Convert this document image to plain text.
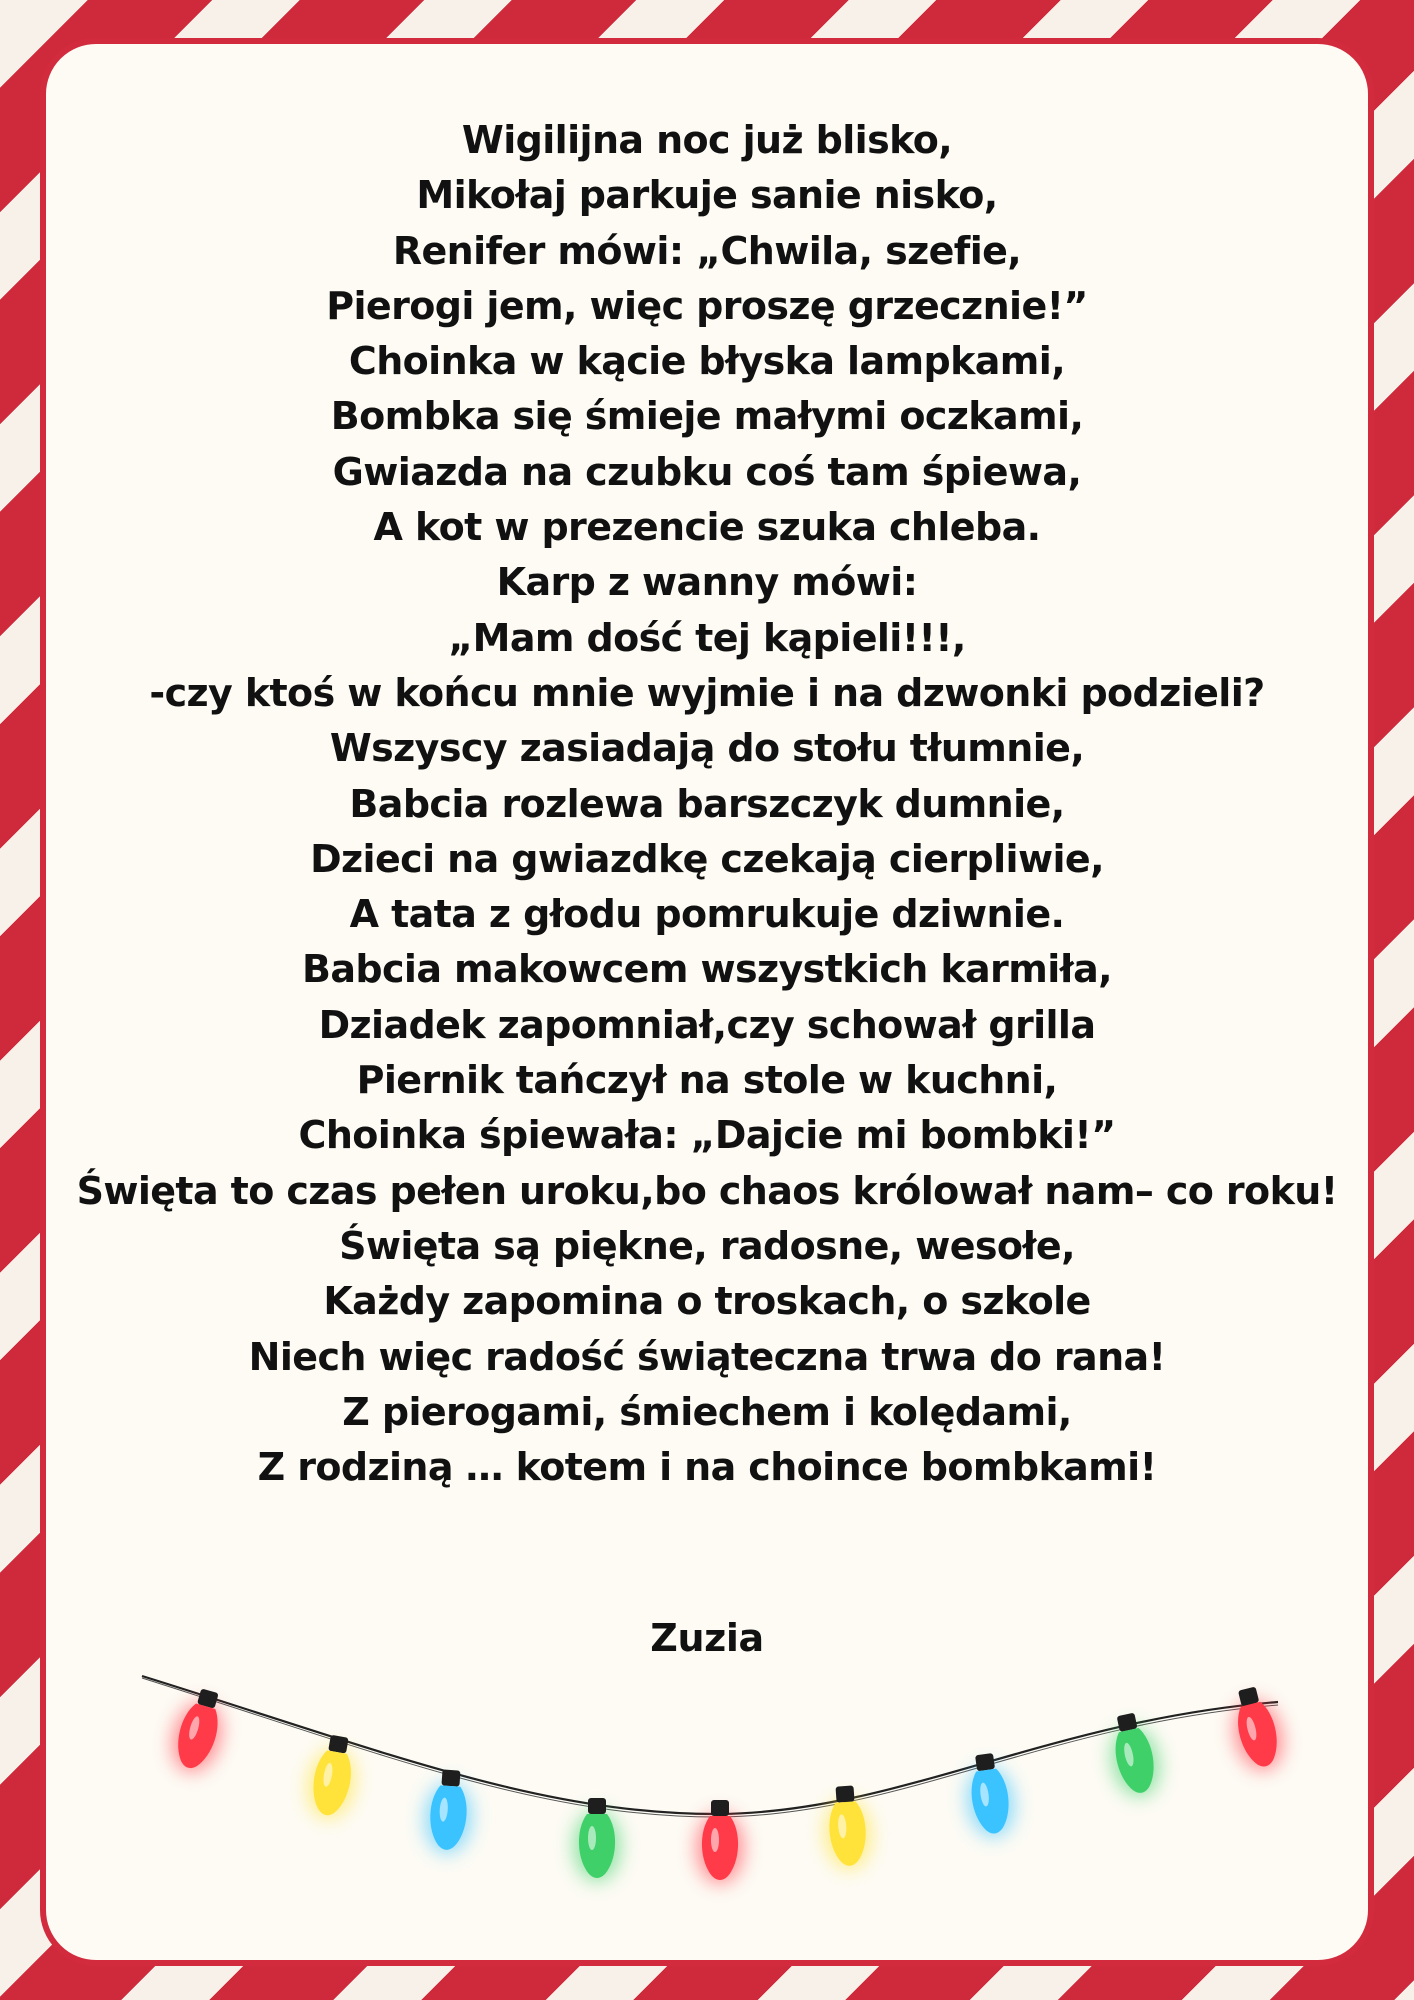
Wigilijna noc już blisko,
Mikołaj parkuje sanie nisko,
Renifer mówi: „Chwila, szefie,
Pierogi jem, więc proszę grzecznie!”
Choinka w kącie błyska lampkami,
Bombka się śmieje małymi oczkami,
Gwiazda na czubku coś tam śpiewa,
A kot w prezencie szuka chleba.
Karp z wanny mówi:
„Mam dość tej kąpieli!!!,
-czy ktoś w końcu mnie wyjmie i na dzwonki podzieli?
Wszyscy zasiadają do stołu tłumnie,
Babcia rozlewa barszczyk dumnie,
Dzieci na gwiazdkę czekają cierpliwie,
A tata z głodu pomrukuje dziwnie.
Babcia makowcem wszystkich karmiła,
Dziadek zapomniał,czy schował grilla
Piernik tańczył na stole w kuchni,
Choinka śpiewała: „Dajcie mi bombki!”
Święta to czas pełen uroku,bo chaos królował nam– co roku!
Święta są piękne, radosne, wesołe,
Każdy zapomina o troskach, o szkole
Niech więc radość świąteczna trwa do rana!
Z pierogami, śmiechem i kolędami,
Z rodziną … kotem i na choince bombkami!
Zuzia
